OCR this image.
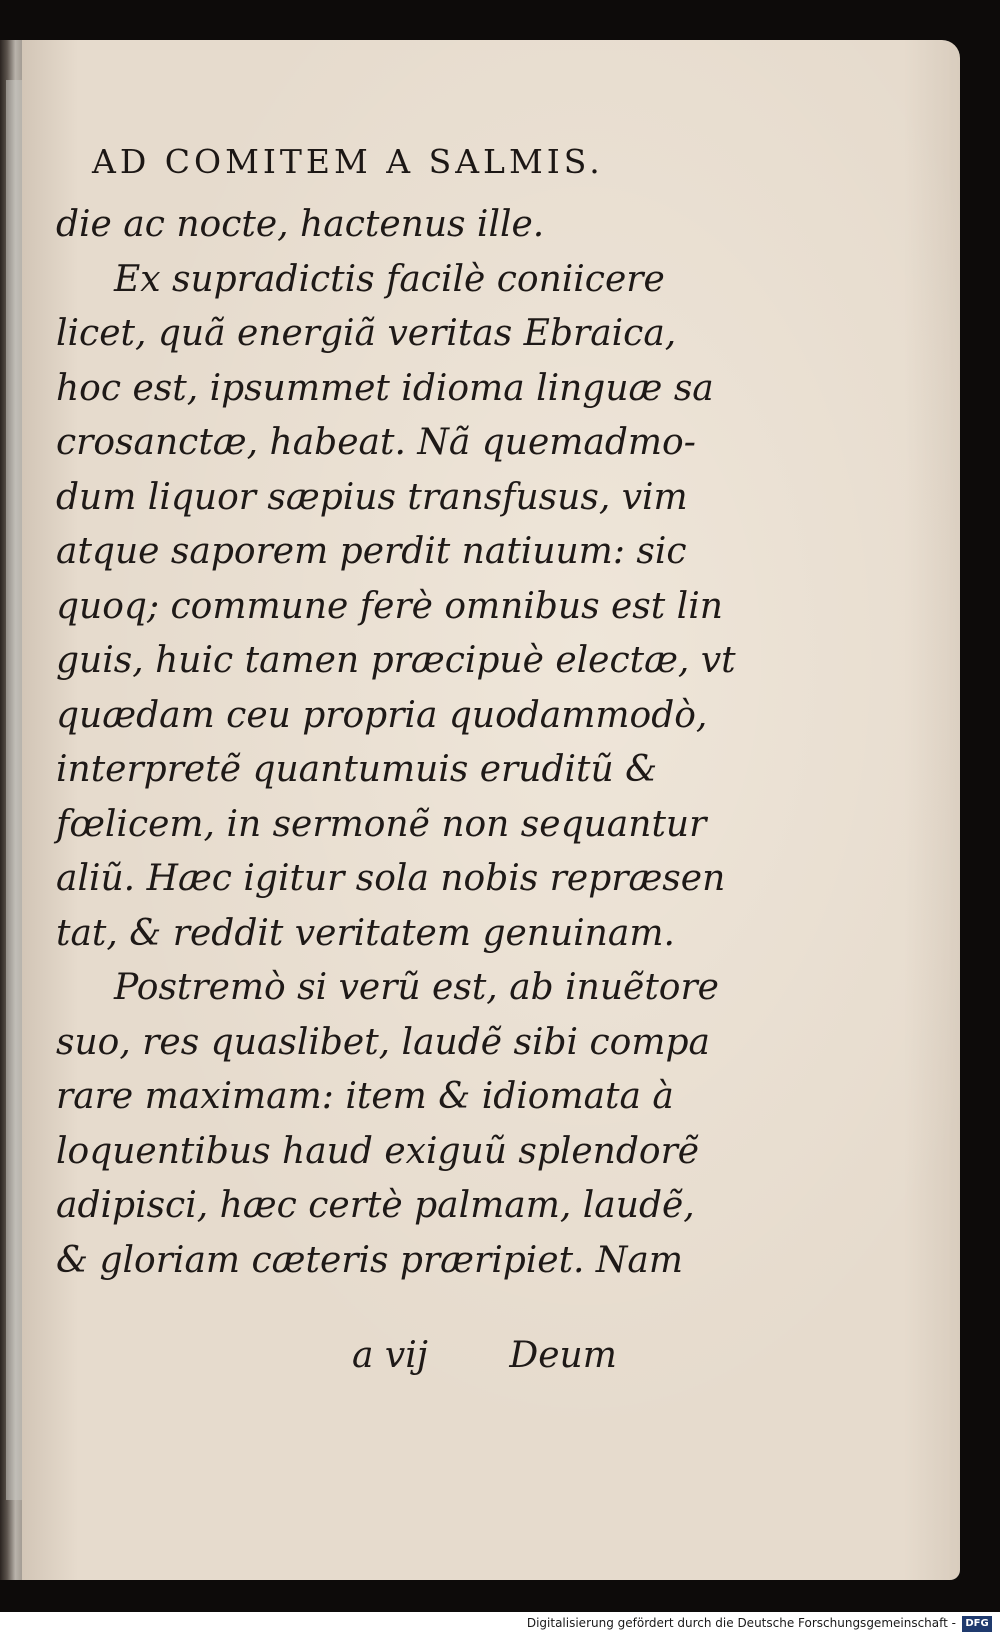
AD COMITEM A SALMIS.
die ac nocte, hactenus ille.
Ex supradictis facilè coniicere
licet, quã energiã veritas Ebraica,
hoc est, ipsummet idioma linguæ sa
crosanctæ, habeat. Nã quemadmo-
dum liquor sæpius transfusus, vim
atque saporem perdit natiuum: sic
quoq; commune ferè omnibus est lin
guis, huic tamen præcipuè electæ, vt
quædam ceu propria quodammodò,
interpretẽ quantumuis eruditũ &
fœlicem, in sermonẽ non sequantur
aliũ. Hæc igitur sola nobis repræsen
tat, & reddit veritatem genuinam.
Postremò si verũ est, ab inuẽtore
suo, res quaslibet, laudẽ sibi compa
rare maximam: item & idiomata à
loquentibus haud exiguũ splendorẽ
adipisci, hæc certè palmam, laudẽ,
& gloriam cæteris præripiet. Nam
a vij Deum
Digitalisierung gefördert durch die Deutsche Forschungsgemeinschaft - DFG
